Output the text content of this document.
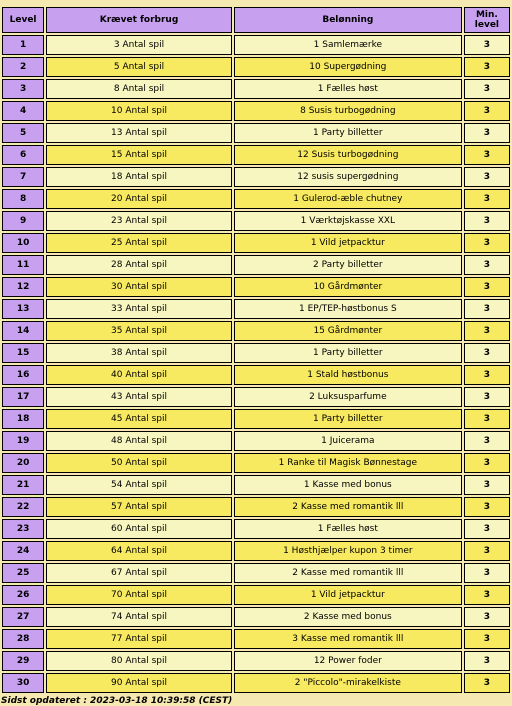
Level	Krævet forbrug	Belønning	Min. level
1	3 Antal spil	1 Samlemærke	3
2	5 Antal spil	10 Supergødning	3
3	8 Antal spil	1 Fælles høst	3
4	10 Antal spil	8 Susis turbogødning	3
5	13 Antal spil	1 Party billetter	3
6	15 Antal spil	12 Susis turbogødning	3
7	18 Antal spil	12 susis supergødning	3
8	20 Antal spil	1 Gulerod-æble chutney	3
9	23 Antal spil	1 Værktøjskasse XXL	3
10	25 Antal spil	1 Vild jetpacktur	3
11	28 Antal spil	2 Party billetter	3
12	30 Antal spil	10 Gårdmønter	3
13	33 Antal spil	1 EP/TEP-høstbonus S	3
14	35 Antal spil	15 Gårdmønter	3
15	38 Antal spil	1 Party billetter	3
16	40 Antal spil	1 Stald høstbonus	3
17	43 Antal spil	2 Luksusparfume	3
18	45 Antal spil	1 Party billetter	3
19	48 Antal spil	1 Juicerama	3
20	50 Antal spil	1 Ranke til Magisk Bønnestage	3
21	54 Antal spil	1 Kasse med bonus	3
22	57 Antal spil	2 Kasse med romantik lll	3
23	60 Antal spil	1 Fælles høst	3
24	64 Antal spil	1 Høsthjælper kupon 3 timer	3
25	67 Antal spil	2 Kasse med romantik lll	3
26	70 Antal spil	1 Vild jetpacktur	3
27	74 Antal spil	2 Kasse med bonus	3
28	77 Antal spil	3 Kasse med romantik lll	3
29	80 Antal spil	12 Power foder	3
30	90 Antal spil	2 "Piccolo"-mirakelkiste	3
Sidst opdateret : 2023-03-18 10:39:58 (CEST)
